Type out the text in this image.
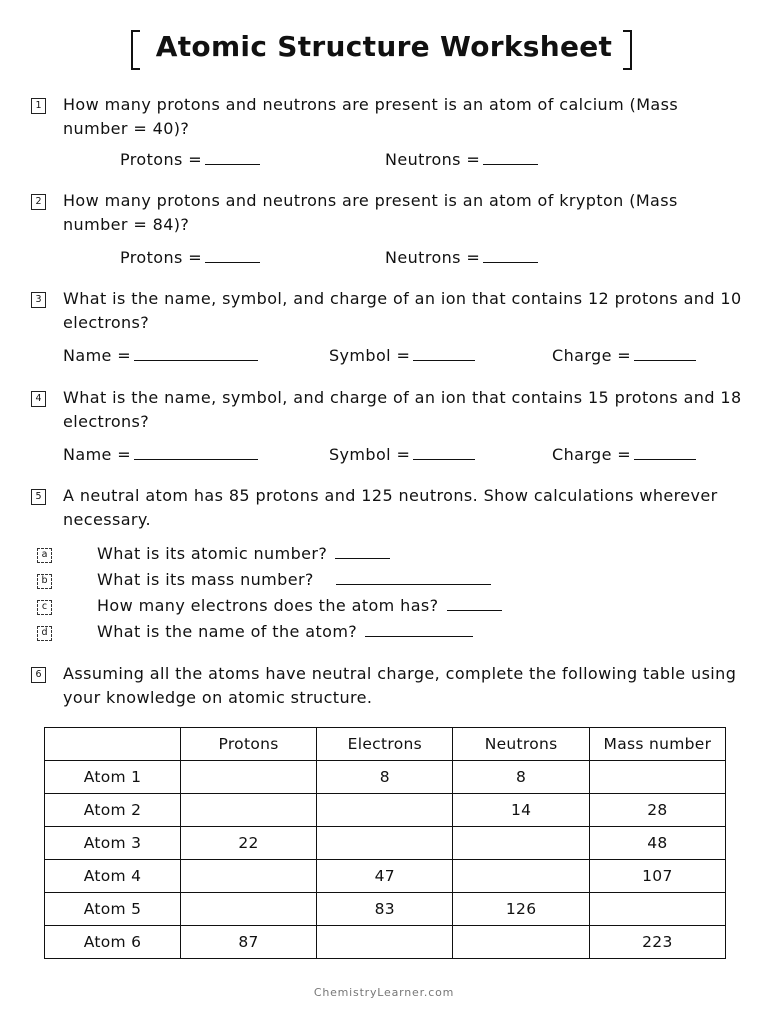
Atomic Structure Worksheet
1 How many protons and neutrons are present is an atom of calcium (Mass number = 40)?
Protons =	Neutrons =
2 How many protons and neutrons are present is an atom of krypton (Mass number = 84)?
Protons =	Neutrons =
3 What is the name, symbol, and charge of an ion that contains 12 protons and 10 electrons?
Name =	Symbol =	Charge =
4 What is the name, symbol, and charge of an ion that contains 15 protons and 18 electrons?
Name =	Symbol =	Charge =
5 A neutral atom has 85 protons and 125 neutrons. Show calculations wherever necessary.
a	What is its atomic number?
b	What is its mass number?
c	How many electrons does the atom has?
d	What is the name of the atom?
6 Assuming all the atoms have neutral charge, complete the following table using your knowledge on atomic structure.
	Protons	Electrons	Neutrons	Mass number
Atom 1		8	8	
Atom 2			14	28
Atom 3	22			48
Atom 4		47		107
Atom 5		83	126	
Atom 6	87			223
ChemistryLearner.com
